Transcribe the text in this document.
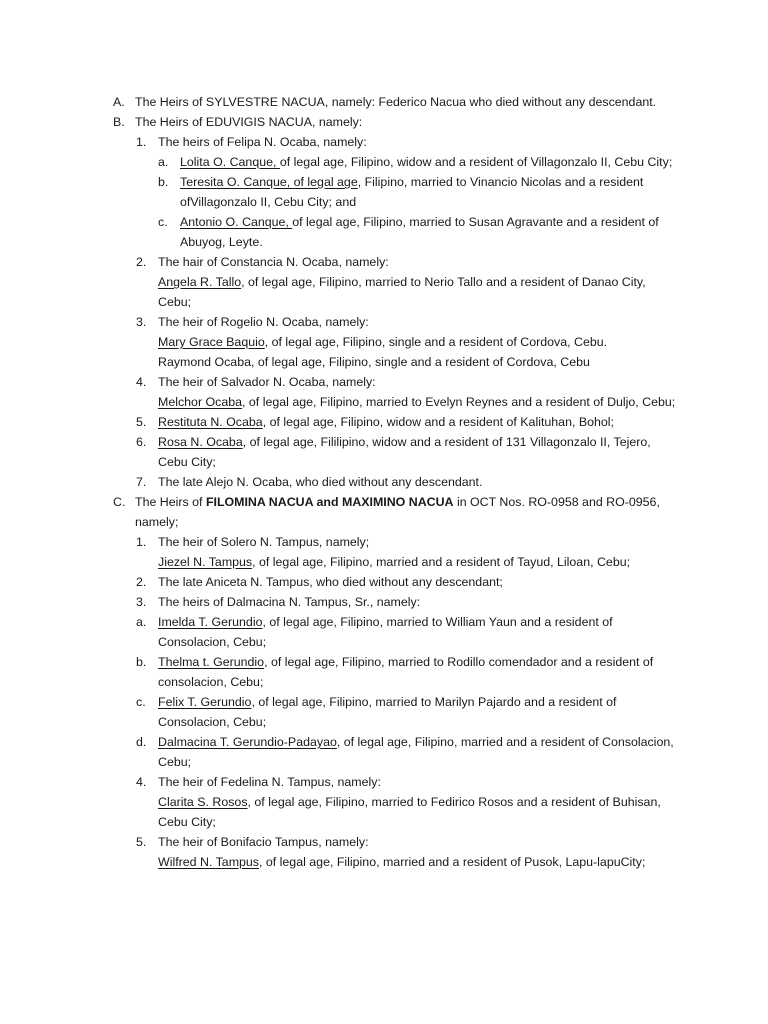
A. The Heirs of SYLVESTRE NACUA, namely: Federico Nacua who died without any descendant.
B. The Heirs of EDUVIGIS NACUA, namely:
1. The heirs of Felipa N. Ocaba, namely:
a. Lolita O. Canque, of legal age, Filipino, widow and a resident of Villagonzalo II, Cebu City;
b. Teresita O. Canque, of legal age, Filipino, married to Vinancio Nicolas and a resident ofVillagonzalo II, Cebu City; and
c. Antonio O. Canque, of legal age, Filipino, married to Susan Agravante and a resident of Abuyog, Leyte.
2. The hair of Constancia N. Ocaba, namely:
Angela R. Tallo, of legal age, Filipino, married to Nerio Tallo and a resident of Danao City, Cebu;
3. The heir of Rogelio N. Ocaba, namely:
Mary Grace Baquio, of legal age, Filipino, single and a resident of Cordova, Cebu.
Raymond Ocaba, of legal age, Filipino, single and a resident of Cordova, Cebu
4. The heir of Salvador N. Ocaba, namely:
Melchor Ocaba, of legal age, Filipino, married to Evelyn Reynes and a resident of Duljo, Cebu;
5. Restituta N. Ocaba, of legal age, Filipino, widow and a resident of Kalituhan, Bohol;
6. Rosa N. Ocaba, of legal age, Fililipino, widow and a resident of 131 Villagonzalo II, Tejero, Cebu City;
7. The late Alejo N. Ocaba, who died without any descendant.
C. The Heirs of FILOMINA NACUA and MAXIMINO NACUA in OCT Nos. RO-0958 and RO-0956, namely;
1. The heir of Solero N. Tampus, namely;
Jiezel N. Tampus, of legal age, Filipino, married and a resident of Tayud, Liloan, Cebu;
2. The late Aniceta N. Tampus, who died without any descendant;
3. The heirs of Dalmacina N. Tampus, Sr., namely:
a. Imelda T. Gerundio, of legal age, Filipino, married to William Yaun and a resident of Consolacion, Cebu;
b. Thelma t. Gerundio, of legal age, Filipino, married to Rodillo comendador and a resident of consolacion, Cebu;
c. Felix T. Gerundio, of legal age, Filipino, married to Marilyn Pajardo and a resident of Consolacion, Cebu;
d. Dalmacina T. Gerundio-Padayao, of legal age, Filipino, married and a resident of Consolacion, Cebu;
4. The heir of Fedelina N. Tampus, namely:
Clarita S. Rosos, of legal age, Filipino, married to Fedirico Rosos and a resident of Buhisan, Cebu City;
5. The heir of Bonifacio Tampus, namely:
Wilfred N. Tampus, of legal age, Filipino, married and a resident of Pusok, Lapu-lapuCity;
